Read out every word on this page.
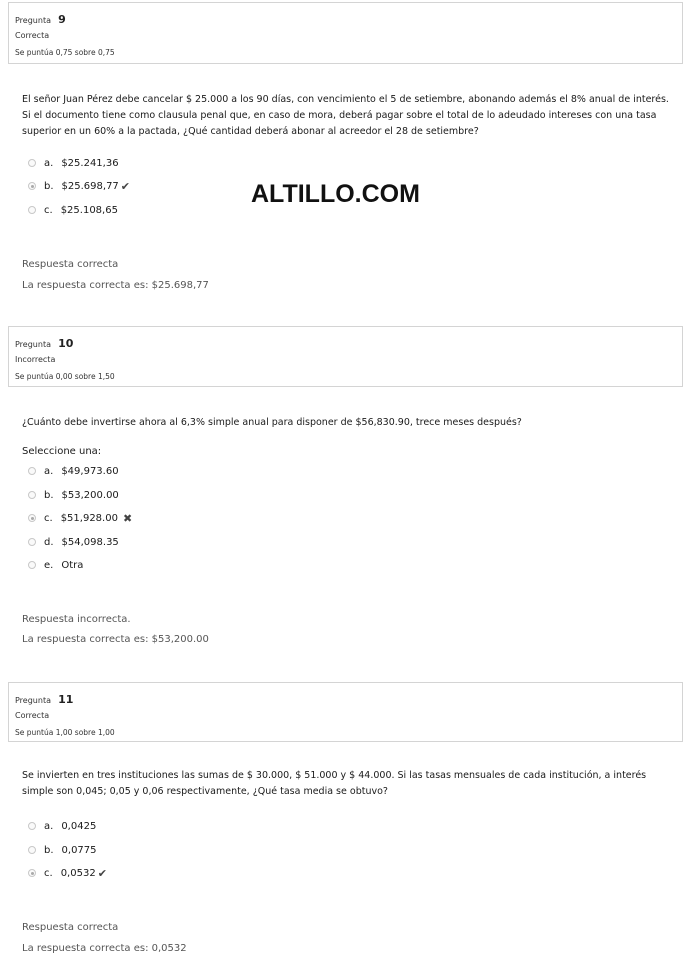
Pregunta 9
Correcta
Se puntúa 0,75 sobre 0,75
El señor Juan Pérez debe cancelar $ 25.000 a los 90 días, con vencimiento el 5 de setiembre, abonando además el 8% anual de interés. Si el documento tiene como clausula penal que, en caso de mora, deberá pagar sobre el total de lo adeudado intereses con una tasa superior en un 60% a la pactada, ¿Qué cantidad deberá abonar al acreedor el 28 de setiembre?
a. $25.241,36
b. $25.698,77 ✔
c. $25.108,65
ALTILLO.COM
Respuesta correcta
La respuesta correcta es: $25.698,77
Pregunta 10
Incorrecta
Se puntúa 0,00 sobre 1,50
¿Cuánto debe invertirse ahora al 6,3% simple anual para disponer de $56,830.90, trece meses después?
Seleccione una:
a. $49,973.60
b. $53,200.00
c. $51,928.00 ✖
d. $54,098.35
e. Otra
Respuesta incorrecta.
La respuesta correcta es: $53,200.00
Pregunta 11
Correcta
Se puntúa 1,00 sobre 1,00
Se invierten en tres instituciones las sumas de $ 30.000, $ 51.000 y $ 44.000. Si las tasas mensuales de cada institución, a interés simple son 0,045; 0,05 y 0,06 respectivamente, ¿Qué tasa media se obtuvo?
a. 0,0425
b. 0,0775
c. 0,0532 ✔
Respuesta correcta
La respuesta correcta es: 0,0532
